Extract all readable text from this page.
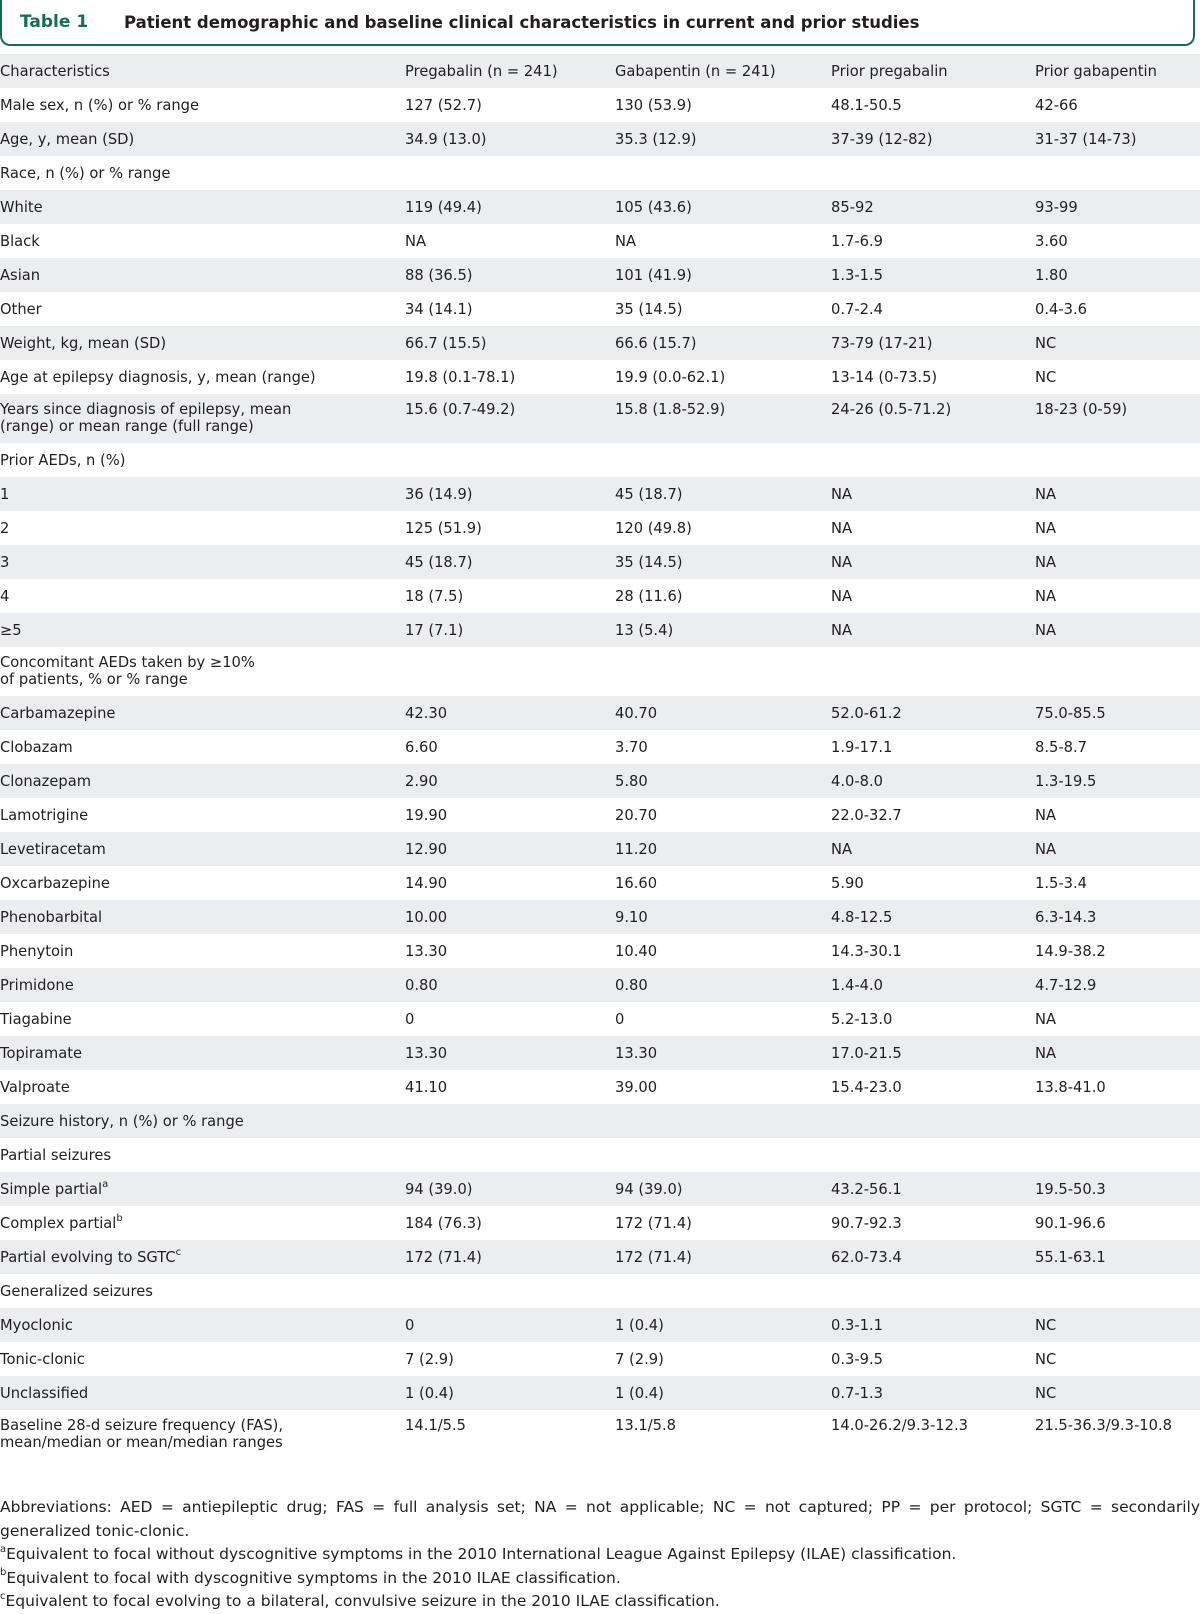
Table 1 Patient demographic and baseline clinical characteristics in current and prior studies
Characteristics	Pregabalin (n = 241)	Gabapentin (n = 241)	Prior pregabalin	Prior gabapentin

Male sex, n (%) or % range	127 (52.7)	130 (53.9)	48.1-50.5	42-66

Age, y, mean (SD)	34.9 (13.0)	35.3 (12.9)	37-39 (12-82)	31-37 (14-73)

Race, n (%) or % range				

White	119 (49.4)	105 (43.6)	85-92	93-99

Black	NA	NA	1.7-6.9	3.60

Asian	88 (36.5)	101 (41.9)	1.3-1.5	1.80

Other	34 (14.1)	35 (14.5)	0.7-2.4	0.4-3.6

Weight, kg, mean (SD)	66.7 (15.5)	66.6 (15.7)	73-79 (17-21)	NC

Age at epilepsy diagnosis, y, mean (range)	19.8 (0.1-78.1)	19.9 (0.0-62.1)	13-14 (0-73.5)	NC

Years since diagnosis of epilepsy, mean (range) or mean range (full range)	15.6 (0.7-49.2)	15.8 (1.8-52.9)	24-26 (0.5-71.2)	18-23 (0-59)

Prior AEDs, n (%)				

1	36 (14.9)	45 (18.7)	NA	NA

2	125 (51.9)	120 (49.8)	NA	NA

3	45 (18.7)	35 (14.5)	NA	NA

4	18 (7.5)	28 (11.6)	NA	NA

≥5	17 (7.1)	13 (5.4)	NA	NA

Concomitant AEDs taken by ≥10% of patients, % or % range				

Carbamazepine	42.30	40.70	52.0-61.2	75.0-85.5

Clobazam	6.60	3.70	1.9-17.1	8.5-8.7

Clonazepam	2.90	5.80	4.0-8.0	1.3-19.5

Lamotrigine	19.90	20.70	22.0-32.7	NA

Levetiracetam	12.90	11.20	NA	NA

Oxcarbazepine	14.90	16.60	5.90	1.5-3.4

Phenobarbital	10.00	9.10	4.8-12.5	6.3-14.3

Phenytoin	13.30	10.40	14.3-30.1	14.9-38.2

Primidone	0.80	0.80	1.4-4.0	4.7-12.9

Tiagabine	0	0	5.2-13.0	NA

Topiramate	13.30	13.30	17.0-21.5	NA

Valproate	41.10	39.00	15.4-23.0	13.8-41.0

Seizure history, n (%) or % range				

Partial seizures				

Simple partial$^a$	94 (39.0)	94 (39.0)	43.2-56.1	19.5-50.3

Complex partial$^b$	184 (76.3)	172 (71.4)	90.7-92.3	90.1-96.6

Partial evolving to SGTC$^c$	172 (71.4)	172 (71.4)	62.0-73.4	55.1-63.1

Generalized seizures				

Myoclonic	0	1 (0.4)	0.3-1.1	NC

Tonic-clonic	7 (2.9)	7 (2.9)	0.3-9.5	NC

Unclassified	1 (0.4)	1 (0.4)	0.7-1.3	NC

Baseline 28-d seizure frequency (FAS), mean/median or mean/median ranges	14.1/5.5	13.1/5.8	14.0-26.2/9.3-12.3	21.5-36.3/9.3-10.8

Abbreviations: AED = antiepileptic drug; FAS = full analysis set; NA = not applicable; NC = not captured; PP = per protocol; SGTC = secondarily generalized tonic-clonic.

$^a$Equivalent to focal without dyscognitive symptoms in the 2010 International League Against Epilepsy (ILAE) classification.

$^b$Equivalent to focal with dyscognitive symptoms in the 2010 ILAE classification.

$^c$Equivalent to focal evolving to a bilateral, convulsive seizure in the 2010 ILAE classification.
